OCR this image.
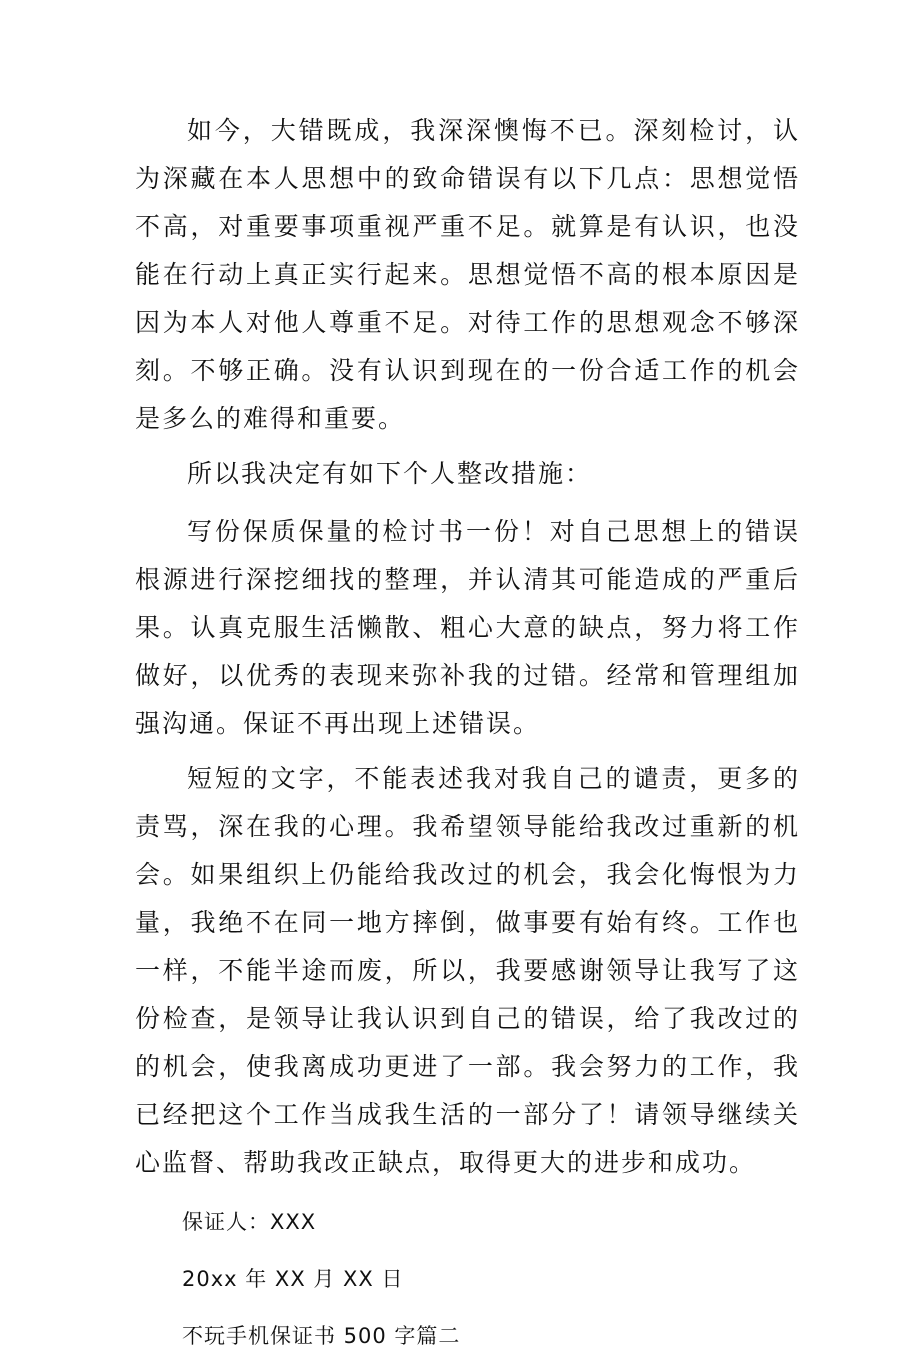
如今，大错既成，我深深懊悔不已。深刻检讨，认为深藏在本人思想中的致命错误有以下几点：思想觉悟不高，对重要事项重视严重不足。就算是有认识，也没能在行动上真正实行起来。思想觉悟不高的根本原因是因为本人对他人尊重不足。对待工作的思想观念不够深刻。不够正确。没有认识到现在的一份合适工作的机会是多么的难得和重要。

所以我决定有如下个人整改措施：

写份保质保量的检讨书一份！对自己思想上的错误根源进行深挖细找的整理，并认清其可能造成的严重后果。认真克服生活懒散、粗心大意的缺点，努力将工作做好，以优秀的表现来弥补我的过错。经常和管理组加强沟通。保证不再出现上述错误。

短短的文字，不能表述我对我自己的谴责，更多的责骂，深在我的心理。我希望领导能给我改过重新的机会。如果组织上仍能给我改过的机会，我会化悔恨为力量，我绝不在同一地方摔倒，做事要有始有终。工作也一样，不能半途而废，所以，我要感谢领导让我写了这份检查，是领导让我认识到自己的错误，给了我改过的的机会，使我离成功更进了一部。我会努力的工作，我已经把这个工作当成我生活的一部分了！请领导继续关心监督、帮助我改正缺点，取得更大的进步和成功。

保证人：XXX

20xx 年 XX 月 XX 日

不玩手机保证书 500 字篇二
